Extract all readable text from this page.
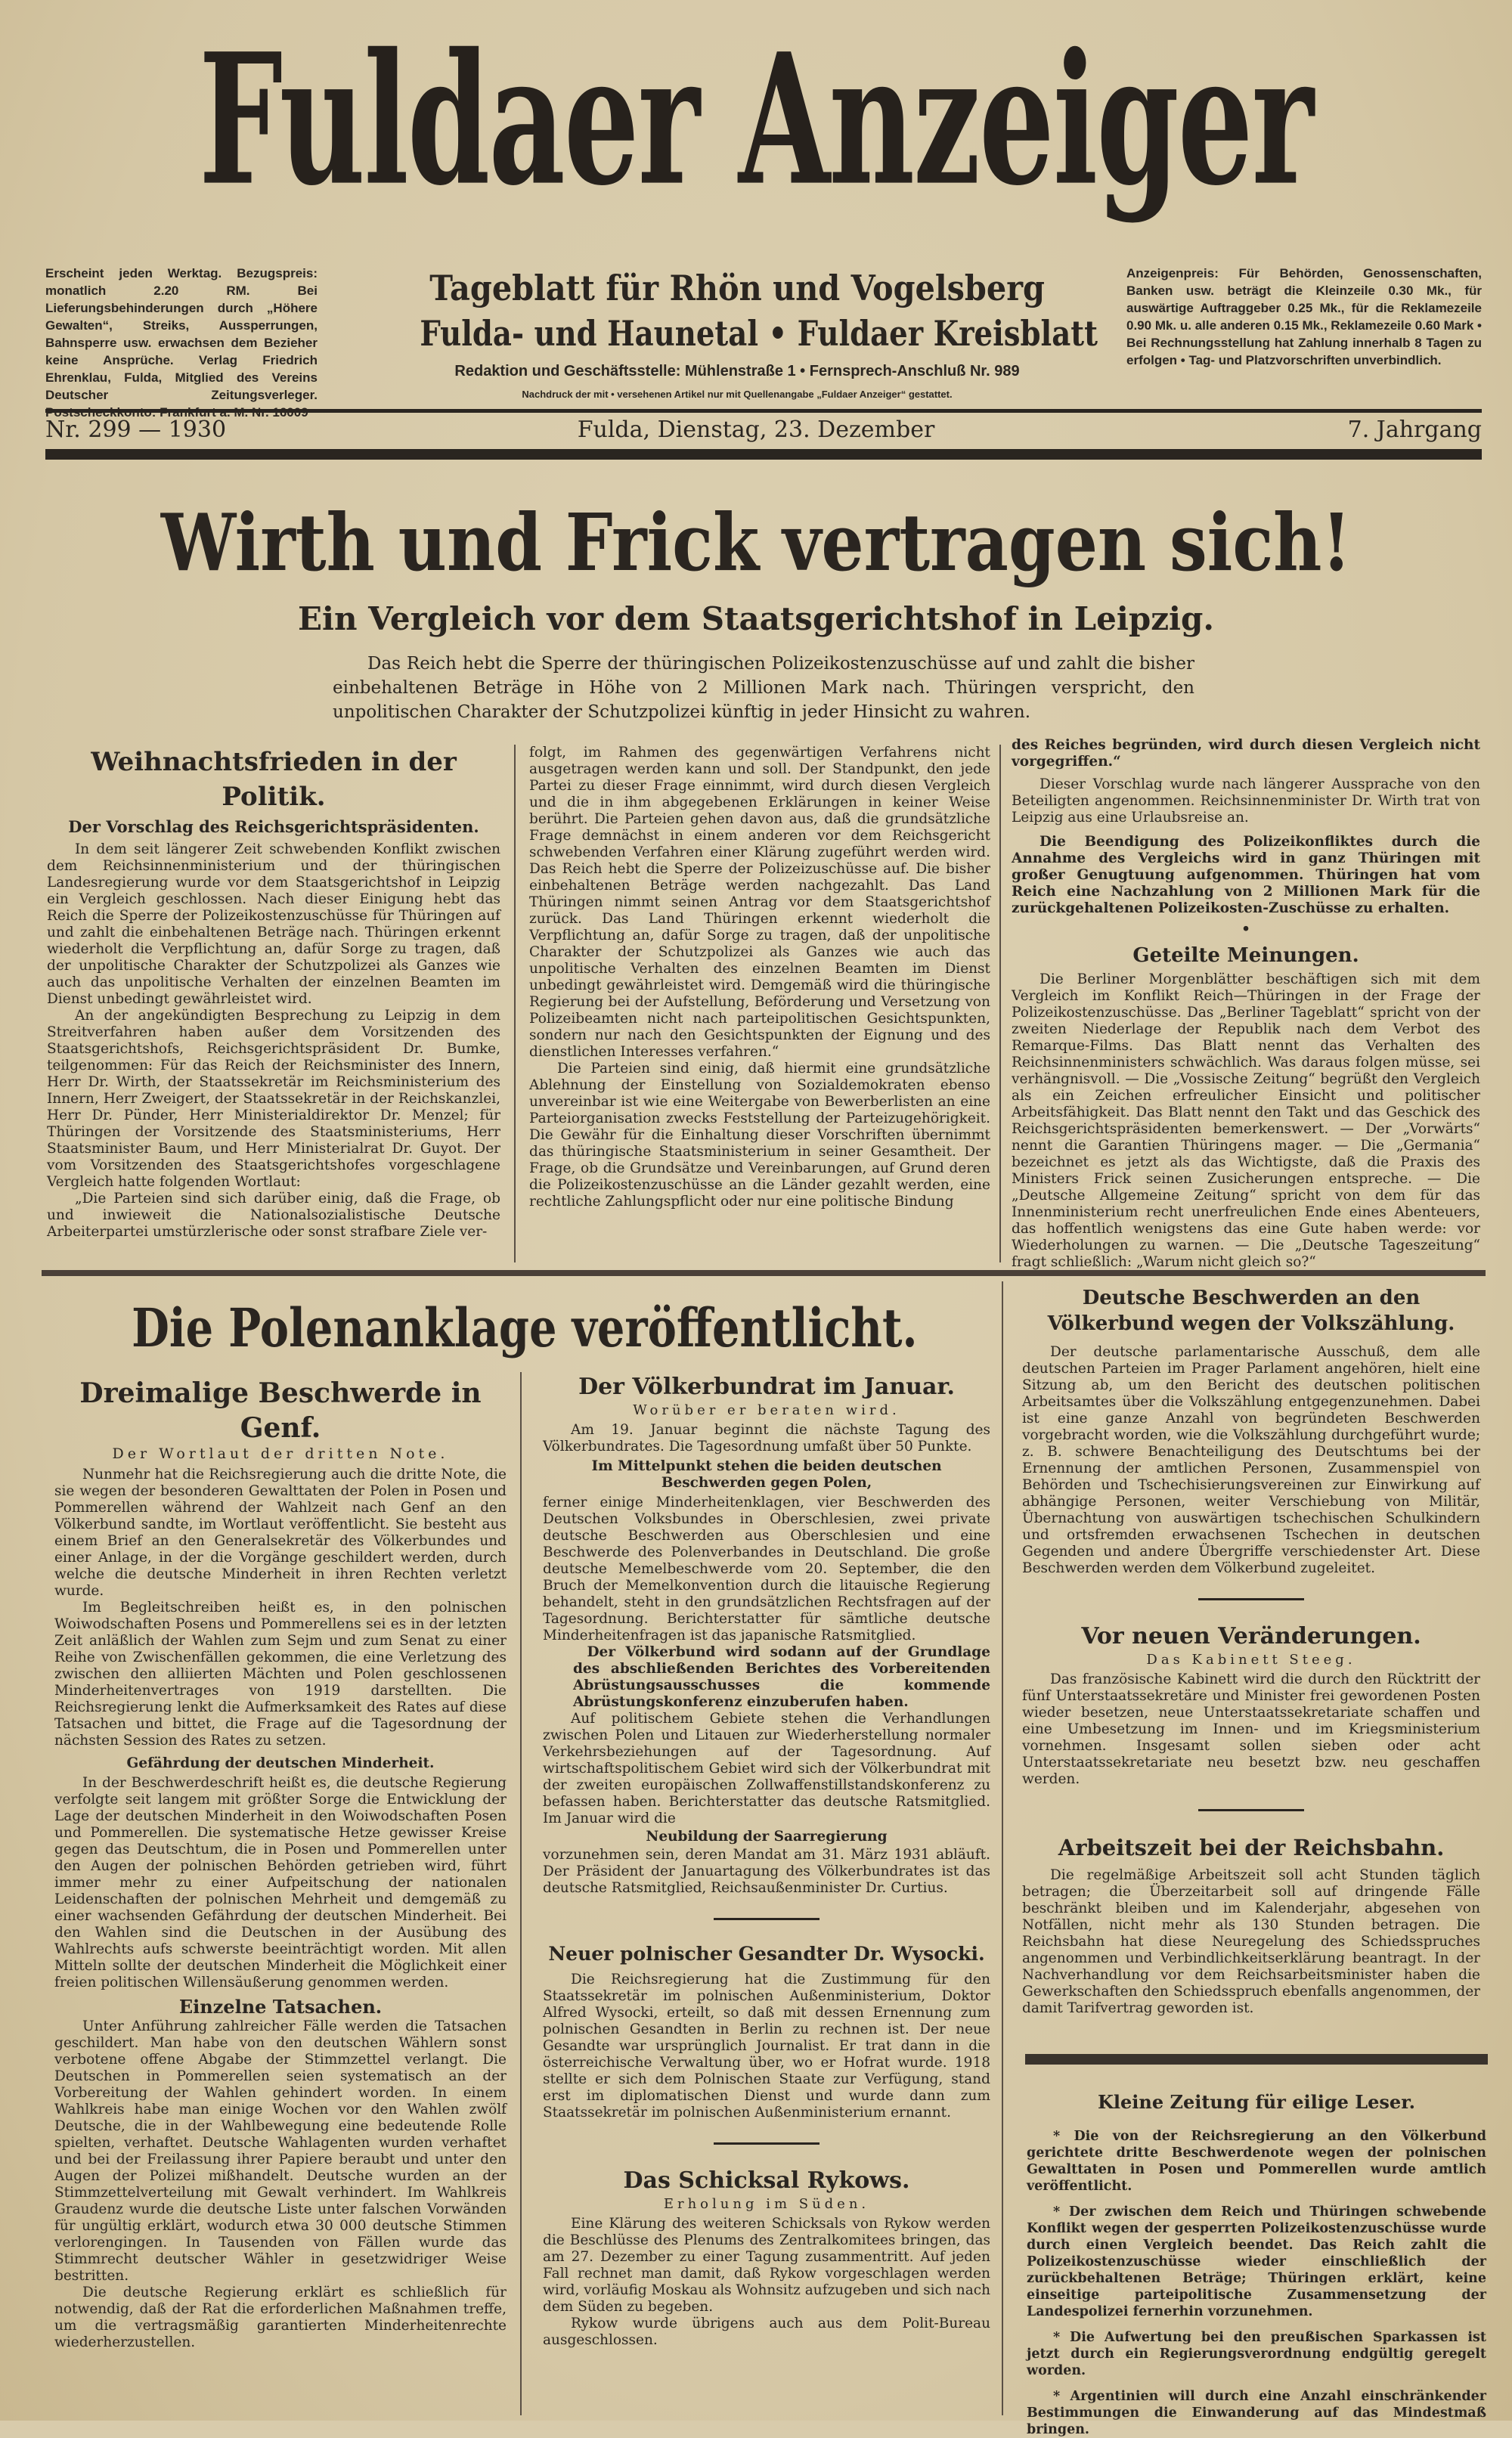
Fuldaer Anzeiger
Erscheint jeden Werktag. Bezugspreis: monatlich 2.20 RM. Bei Lieferungsbehinderungen durch „Höhere Gewalten“, Streiks, Aussperrungen, Bahnsperre usw. erwachsen dem Bezieher keine Ansprüche. Verlag Friedrich Ehrenklau, Fulda, Mitglied des Vereins Deutscher Zeitungsverleger.
Tageblatt für Rhön und Vogelsberg
Fulda- und Haunetal • Fuldaer Kreisblatt
Redaktion und Geschäftsstelle: Mühlenstraße 1 • Fernsprech-Anschluß Nr. 989
Nachdruck der mit • versehenen Artikel nur mit Quellenangabe „Fuldaer Anzeiger“ gestattet.
Anzeigenpreis: Für Behörden, Genossenschaften, Banken usw. beträgt die Kleinzeile 0.30 Mk., für auswärtige Auftraggeber 0.25 Mk., für die Reklamezeile 0.90 Mk. u. alle anderen 0.15 Mk., Reklamezeile 0.60 Mark • Bei Rechnungsstellung hat Zahlung innerhalb 8 Tagen zu erfolgen • Tag- und Platzvorschriften unverbindlich.
Nr. 299 — 1930	Fulda, Dienstag, 23. Dezember	7. Jahrgang
Wirth und Frick vertragen sich!
Ein Vergleich vor dem Staatsgerichtshof in Leipzig.
Das Reich hebt die Sperre der thüringischen Polizeikostenzuschüsse auf und zahlt die bisher einbehaltenen Beträge in Höhe von 2 Millionen Mark nach. Thüringen verspricht, den unpolitischen Charakter der Schutzpolizei künftig in jeder Hinsicht zu wahren.
Weihnachtsfrieden in der Politik.
Der Vorschlag des Reichsgerichtspräsidenten.

In dem seit längerer Zeit schwebenden Konflikt zwischen dem Reichsinnenministerium und der thüringischen Landesregierung wurde vor dem Staatsgerichtshof in Leipzig ein Vergleich geschlossen. Nach dieser Einigung hebt das Reich die Sperre der Polizeikostenzuschüsse für Thüringen auf und zahlt die einbehaltenen Beträge nach. Thüringen erkennt wiederholt die Verpflichtung an, dafür Sorge zu tragen, daß der unpolitische Charakter der Schutzpolizei als Ganzes wie auch das unpolitische Verhalten der einzelnen Beamten im Dienst unbedingt gewährleistet wird.

An der angekündigten Besprechung zu Leipzig in dem Streitverfahren haben außer dem Vorsitzenden des Staatsgerichtshofs, Reichsgerichtspräsident Dr. Bumke, teilgenommen: Für das Reich der Reichsminister des Innern, Herr Dr. Wirth, der Staatssekretär im Reichsministerium des Innern, Herr Zweigert, der Staatssekretär in der Reichskanzlei, Herr Dr. Pünder, Herr Ministerialdirektor Dr. Menzel; für Thüringen der Vorsitzende des Staatsministeriums, Herr Staatsminister Baum, und Herr Ministerialrat Dr. Guyot. Der vom Vorsitzenden des Staatsgerichtshofes vorgeschlagene Vergleich hatte folgenden Wortlaut:

„Die Parteien sind sich darüber einig, daß die Frage, ob und inwieweit die Nationalsozialistische Deutsche Arbeiterpartei umstürzlerische oder sonst strafbare Ziele ver-

folgt, im Rahmen des gegenwärtigen Verfahrens nicht ausgetragen werden kann und soll. Der Standpunkt, den jede Partei zu dieser Frage einnimmt, wird durch diesen Vergleich und die in ihm abgegebenen Erklärungen in keiner Weise berührt. Die Parteien gehen davon aus, daß die grundsätzliche Frage demnächst in einem anderen vor dem Reichsgericht schwebenden Verfahren einer Klärung zugeführt werden wird. Das Reich hebt die Sperre der Polizeizuschüsse auf. Die bisher einbehaltenen Beträge werden nachgezahlt. Das Land Thüringen nimmt seinen Antrag vor dem Staatsgerichtshof zurück. Das Land Thüringen erkennt wiederholt die Verpflichtung an, dafür Sorge zu tragen, daß der unpolitische Charakter der Schutzpolizei als Ganzes wie auch das unpolitische Verhalten des einzelnen Beamten im Dienst unbedingt gewährleistet wird. Demgemäß wird die thüringische Regierung bei der Aufstellung, Beförderung und Versetzung von Polizeibeamten nicht nach parteipolitischen Gesichtspunkten, sondern nur nach den Gesichtspunkten der Eignung und des dienstlichen Interesses verfahren.“

Die Parteien sind einig, daß hiermit eine grundsätzliche Ablehnung der Einstellung von Sozialdemokraten ebenso unvereinbar ist wie eine Weitergabe von Bewerberlisten an eine Parteiorganisation zwecks Feststellung der Parteizugehörigkeit. Die Gewähr für die Einhaltung dieser Vorschriften übernimmt das thüringische Staatsministerium in seiner Gesamtheit. Der Frage, ob die Grundsätze und Vereinbarungen, auf Grund deren die Polizeikostenzuschüsse an die Länder gezahlt werden, eine rechtliche Zahlungspflicht oder nur eine politische Bindung

des Reiches begründen, wird durch diesen Vergleich nicht vorgegriffen.“

Dieser Vorschlag wurde nach längerer Aussprache von den Beteiligten angenommen. Reichsinnenminister Dr. Wirth trat von Leipzig aus eine Urlaubsreise an.

Die Beendigung des Polizeikonfliktes durch die Annahme des Vergleichs wird in ganz Thüringen mit großer Genugtuung aufgenommen. Thüringen hat vom Reich eine Nachzahlung von 2 Millionen Mark für die zurückgehaltenen Polizeikosten-Zuschüsse zu erhalten.

•
Geteilte Meinungen.

Die Berliner Morgenblätter beschäftigen sich mit dem Vergleich im Konflikt Reich—Thüringen in der Frage der Polizeikostenzuschüsse. Das „Berliner Tageblatt“ spricht von der zweiten Niederlage der Republik nach dem Verbot des Remarque-Films. Das Blatt nennt das Verhalten des Reichsinnenministers schwächlich. Was daraus folgen müsse, sei verhängnisvoll. — Die „Vossische Zeitung“ begrüßt den Vergleich als ein Zeichen erfreulicher Einsicht und politischer Arbeitsfähigkeit. Das Blatt nennt den Takt und das Geschick des Reichsgerichtspräsidenten bemerkenswert. — Der „Vorwärts“ nennt die Garantien Thüringens mager. — Die „Germania“ bezeichnet es jetzt als das Wichtigste, daß die Praxis des Ministers Frick seinen Zusicherungen entspreche. — Die „Deutsche Allgemeine Zeitung“ spricht von dem für das Innenministerium recht unerfreulichen Ende eines Abenteuers, das hoffentlich wenigstens das eine Gute haben werde: vor Wiederholungen zu warnen. — Die „Deutsche Tageszeitung“ fragt schließlich: „Warum nicht gleich so?“

Die Polenanklage veröffentlicht.
Dreimalige Beschwerde in Genf.
Der Wortlaut der dritten Note.

Nunmehr hat die Reichsregierung auch die dritte Note, die sie wegen der besonderen Gewalttaten der Polen in Posen und Pommerellen während der Wahlzeit nach Genf an den Völkerbund sandte, im Wortlaut veröffentlicht. Sie besteht aus einem Brief an den Generalsekretär des Völkerbundes und einer Anlage, in der die Vorgänge geschildert werden, durch welche die deutsche Minderheit in ihren Rechten verletzt wurde.

Im Begleitschreiben heißt es, in den polnischen Woiwodschaften Posens und Pommerellens sei es in der letzten Zeit anläßlich der Wahlen zum Sejm und zum Senat zu einer Reihe von Zwischenfällen gekommen, die eine Verletzung des zwischen den alliierten Mächten und Polen geschlossenen Minderheitenvertrages von 1919 darstellten. Die Reichsregierung lenkt die Aufmerksamkeit des Rates auf diese Tatsachen und bittet, die Frage auf die Tagesordnung der nächsten Session des Rates zu setzen.

Gefährdung der deutschen Minderheit.

In der Beschwerdeschrift heißt es, die deutsche Regierung verfolgte seit langem mit größter Sorge die Entwicklung der Lage der deutschen Minderheit in den Woiwodschaften Posen und Pommerellen. Die systematische Hetze gewisser Kreise gegen das Deutschtum, die in Posen und Pommerellen unter den Augen der polnischen Behörden getrieben wird, führt immer mehr zu einer Aufpeitschung der nationalen Leidenschaften der polnischen Mehrheit und demgemäß zu einer wachsenden Gefährdung der deutschen Minderheit. Bei den Wahlen sind die Deutschen in der Ausübung des Wahlrechts aufs schwerste beeinträchtigt worden. Mit allen Mitteln sollte der deutschen Minderheit die Möglichkeit einer freien politischen Willensäußerung genommen werden.

Einzelne Tatsachen.

Unter Anführung zahlreicher Fälle werden die Tatsachen geschildert. Man habe von den deutschen Wählern sonst verbotene offene Abgabe der Stimmzettel verlangt. Die Deutschen in Pommerellen seien systematisch an der Vorbereitung der Wahlen gehindert worden. In einem Wahlkreis habe man einige Wochen vor den Wahlen zwölf Deutsche, die in der Wahlbewegung eine bedeutende Rolle spielten, verhaftet. Deutsche Wahlagenten wurden verhaftet und bei der Freilassung ihrer Papiere beraubt und unter den Augen der Polizei mißhandelt. Deutsche wurden an der Stimmzettelverteilung mit Gewalt verhindert. Im Wahlkreis Graudenz wurde die deutsche Liste unter falschen Vorwänden für ungültig erklärt, wodurch etwa 30 000 deutsche Stimmen verlorengingen. In Tausenden von Fällen wurde das Stimmrecht deutscher Wähler in gesetzwidriger Weise bestritten.

Die deutsche Regierung erklärt es schließlich für notwendig, daß der Rat die erforderlichen Maßnahmen treffe, um die vertragsmäßig garantierten Minderheitenrechte wiederherzustellen.

Der Völkerbundrat im Januar.
Worüber er beraten wird.

Am 19. Januar beginnt die nächste Tagung des Völkerbundrates. Die Tagesordnung umfaßt über 50 Punkte.

Im Mittelpunkt stehen die beiden deutschen Beschwerden gegen Polen,

ferner einige Minderheitenklagen, vier Beschwerden des Deutschen Volksbundes in Oberschlesien, zwei private deutsche Beschwerden aus Oberschlesien und eine Beschwerde des Polenverbandes in Deutschland. Die große deutsche Memelbeschwerde vom 20. September, die den Bruch der Memelkonvention durch die litauische Regierung behandelt, steht in den grundsätzlichen Rechtsfragen auf der Tagesordnung. Berichterstatter für sämtliche deutsche Minderheitenfragen ist das japanische Ratsmitglied.

Der Völkerbund wird sodann auf der Grundlage des abschließenden Berichtes des Vorbereitenden Abrüstungsausschusses die kommende Abrüstungskonferenz einzuberufen haben.

Auf politischem Gebiete stehen die Verhandlungen zwischen Polen und Litauen zur Wiederherstellung normaler Verkehrsbeziehungen auf der Tagesordnung. Auf wirtschaftspolitischem Gebiet wird sich der Völkerbundrat mit der zweiten europäischen Zollwaffenstillstandskonferenz zu befassen haben. Berichterstatter das deutsche Ratsmitglied. Im Januar wird die

Neubildung der Saarregierung

vorzunehmen sein, deren Mandat am 31. März 1931 abläuft. Der Präsident der Januartagung des Völkerbundrates ist das deutsche Ratsmitglied, Reichsaußenminister Dr. Curtius.

Neuer polnischer Gesandter Dr. Wysocki.

Die Reichsregierung hat die Zustimmung für den Staatssekretär im polnischen Außenministerium, Doktor Alfred Wysocki, erteilt, so daß mit dessen Ernennung zum polnischen Gesandten in Berlin zu rechnen ist. Der neue Gesandte war ursprünglich Journalist. Er trat dann in die österreichische Verwaltung über, wo er Hofrat wurde. 1918 stellte er sich dem Polnischen Staate zur Verfügung, stand erst im diplomatischen Dienst und wurde dann zum Staatssekretär im polnischen Außenministerium ernannt.

Das Schicksal Rykows.
Erholung im Süden.

Eine Klärung des weiteren Schicksals von Rykow werden die Beschlüsse des Plenums des Zentralkomitees bringen, das am 27. Dezember zu einer Tagung zusammentritt. Auf jeden Fall rechnet man damit, daß Rykow vorgeschlagen werden wird, vorläufig Moskau als Wohnsitz aufzugeben und sich nach dem Süden zu begeben.

Rykow wurde übrigens auch aus dem Polit-Bureau ausgeschlossen.

Deutsche Beschwerden an den Völkerbund wegen der Volkszählung.

Der deutsche parlamentarische Ausschuß, dem alle deutschen Parteien im Prager Parlament angehören, hielt eine Sitzung ab, um den Bericht des deutschen politischen Arbeitsamtes über die Volkszählung entgegenzunehmen. Dabei ist eine ganze Anzahl von begründeten Beschwerden vorgebracht worden, wie die Volkszählung durchgeführt wurde; z. B. schwere Benachteiligung des Deutschtums bei der Ernennung der amtlichen Personen, Zusammenspiel von Behörden und Tschechisierungsvereinen zur Einwirkung auf abhängige Personen, weiter Verschiebung von Militär, Übernachtung von auswärtigen tschechischen Schulkindern und ortsfremden erwachsenen Tschechen in deutschen Gegenden und andere Übergriffe verschiedenster Art. Diese Beschwerden werden dem Völkerbund zugeleitet.

Vor neuen Veränderungen.
Das Kabinett Steeg.

Das französische Kabinett wird die durch den Rücktritt der fünf Unterstaatssekretäre und Minister frei gewordenen Posten wieder besetzen, neue Unterstaatssekretariate schaffen und eine Umbesetzung im Innen- und im Kriegsministerium vornehmen. Insgesamt sollen sieben oder acht Unterstaatssekretariate neu besetzt bzw. neu geschaffen werden.

Arbeitszeit bei der Reichsbahn.

Die regelmäßige Arbeitszeit soll acht Stunden täglich betragen; die Überzeitarbeit soll auf dringende Fälle beschränkt bleiben und im Kalenderjahr, abgesehen von Notfällen, nicht mehr als 130 Stunden betragen. Die Reichsbahn hat diese Neuregelung des Schiedsspruches angenommen und Verbindlichkeitserklärung beantragt. In der Nachverhandlung vor dem Reichsarbeitsminister haben die Gewerkschaften den Schiedsspruch ebenfalls angenommen, der damit Tarifvertrag geworden ist.

Kleine Zeitung für eilige Leser.

* Die von der Reichsregierung an den Völkerbund gerichtete dritte Beschwerdenote wegen der polnischen Gewalttaten in Posen und Pommerellen wurde amtlich veröffentlicht.

* Der zwischen dem Reich und Thüringen schwebende Konflikt wegen der gesperrten Polizeikostenzuschüsse wurde durch einen Vergleich beendet. Das Reich zahlt die Polizeikostenzuschüsse wieder einschließlich der zurückbehaltenen Beträge; Thüringen erklärt, keine einseitige parteipolitische Zusammensetzung der Landespolizei fernerhin vorzunehmen.

* Die Aufwertung bei den preußischen Sparkassen ist jetzt durch ein Regierungsverordnung endgültig geregelt worden.

* Argentinien will durch eine Anzahl einschränkender Bestimmungen die Einwanderung auf das Mindestmaß bringen.
